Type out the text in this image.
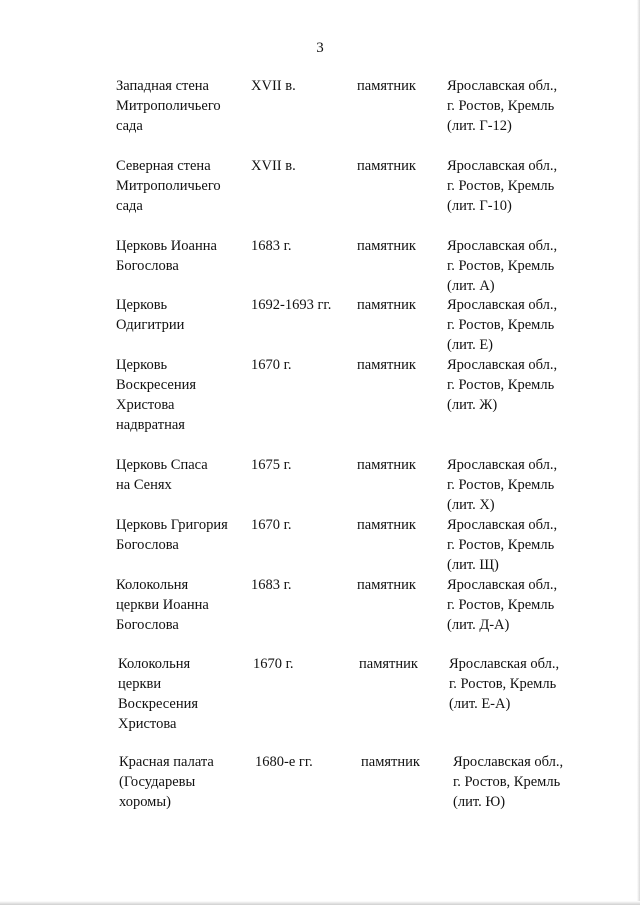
3
Западная стена
Митрополичьего
сада
XVII в.	памятник Ярославская обл.,
г. Ростов, Кремль
(лит. Г-12)
Северная стена
Митрополичьего
сада
XVII в.	памятник Ярославская обл.,
г. Ростов, Кремль
(лит. Г-10)
Церковь Иоанна
Богослова
1683 г.	памятник Ярославская обл.,
г. Ростов, Кремль
(лит. А)
Церковь
Одигитрии
1692-1693 гг. памятник Ярославская обл.,
г. Ростов, Кремль
(лит. Е)
Церковь
Воскресения
Христова
надвратная
1670 г.	памятник Ярославская обл.,
г. Ростов, Кремль
(лит. Ж)
Церковь Спаса
на Сенях
1675 г.	памятник Ярославская обл.,
г. Ростов, Кремль
(лит. Х)
Церковь Григория
Богослова
1670 г.	памятник Ярославская обл.,
г. Ростов, Кремль
(лит. Щ)
Колокольня
церкви Иоанна
Богослова
1683 г.	памятник Ярославская обл.,
г. Ростов, Кремль
(лит. Д-А)
Колокольня
церкви
Воскресения
Христова
1670 г.	памятник Ярославская обл.,
г. Ростов, Кремль
(лит. Е-А)
Красная палата
(Государевы
хоромы)
1680-е гг.	памятник Ярославская обл.,
г. Ростов, Кремль
(лит. Ю)
